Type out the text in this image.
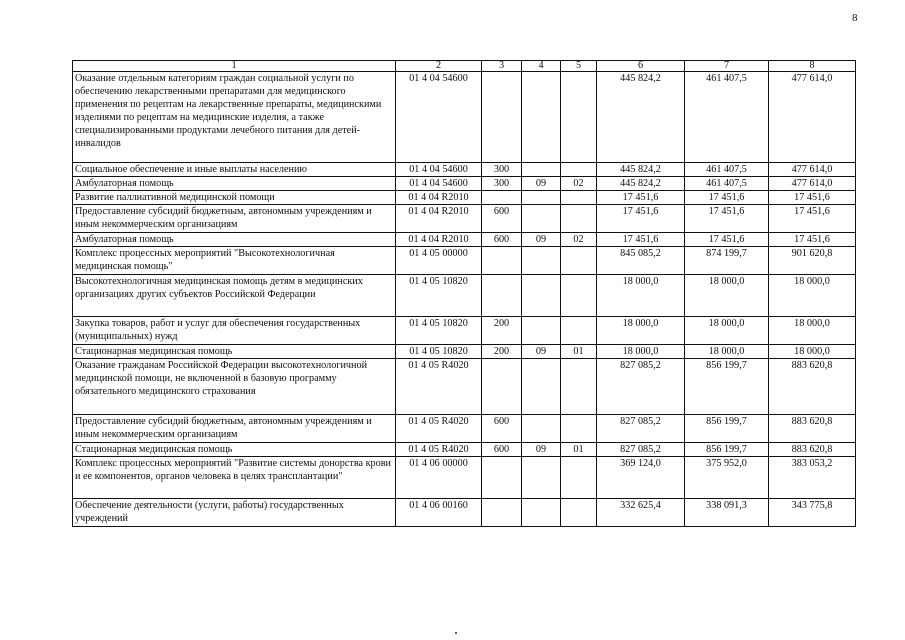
8
1	2	3	4	5	6	7	8
Оказание отдельным категориям граждан социальной услуги по обеспечению лекарственными препаратами для медицинского применения по рецептам на лекарственные препараты, медицинскими изделиями по рецептам на медицинские изделия, а также специализированными продуктами лечебного питания для детей-инвалидов	01 4 04 54600				445 824,2	461 407,5	477 614,0
Социальное обеспечение и иные выплаты населению	01 4 04 54600	300			445 824,2	461 407,5	477 614,0
Амбулаторная помощь	01 4 04 54600	300	09	02	445 824,2	461 407,5	477 614,0
Развитие паллиативной медицинской помощи	01 4 04 R2010				17 451,6	17 451,6	17 451,6
Предоставление субсидий бюджетным, автономным учреждениям и иным некоммерческим организациям	01 4 04 R2010	600			17 451,6	17 451,6	17 451,6
Амбулаторная помощь	01 4 04 R2010	600	09	02	17 451,6	17 451,6	17 451,6
Комплекс процессных мероприятий "Высокотехнологичная медицинская помощь"	01 4 05 00000				845 085,2	874 199,7	901 620,8
Высокотехнологичная медицинская помощь детям в медицинских организациях других субъектов Российской Федерации	01 4 05 10820				18 000,0	18 000,0	18 000,0
Закупка товаров, работ и услуг для обеспечения государственных (муниципальных) нужд	01 4 05 10820	200			18 000,0	18 000,0	18 000,0
Стационарная медицинская помощь	01 4 05 10820	200	09	01	18 000,0	18 000,0	18 000,0
Оказание гражданам Российской Федерации высокотехнологичной медицинской помощи, не включенной в базовую программу обязательного медицинского страхования	01 4 05 R4020				827 085,2	856 199,7	883 620,8
Предоставление субсидий бюджетным, автономным учреждениям и иным некоммерческим организациям	01 4 05 R4020	600			827 085,2	856 199,7	883 620,8
Стационарная медицинская помощь	01 4 05 R4020	600	09	01	827 085,2	856 199,7	883 620,8
Комплекс процессных мероприятий "Развитие системы донорства крови и ее компонентов, органов человека в целях трансплантации"	01 4 06 00000				369 124,0	375 952,0	383 053,2
Обеспечение деятельности (услуги, работы) государственных учреждений	01 4 06 00160				332 625,4	338 091,3	343 775,8
